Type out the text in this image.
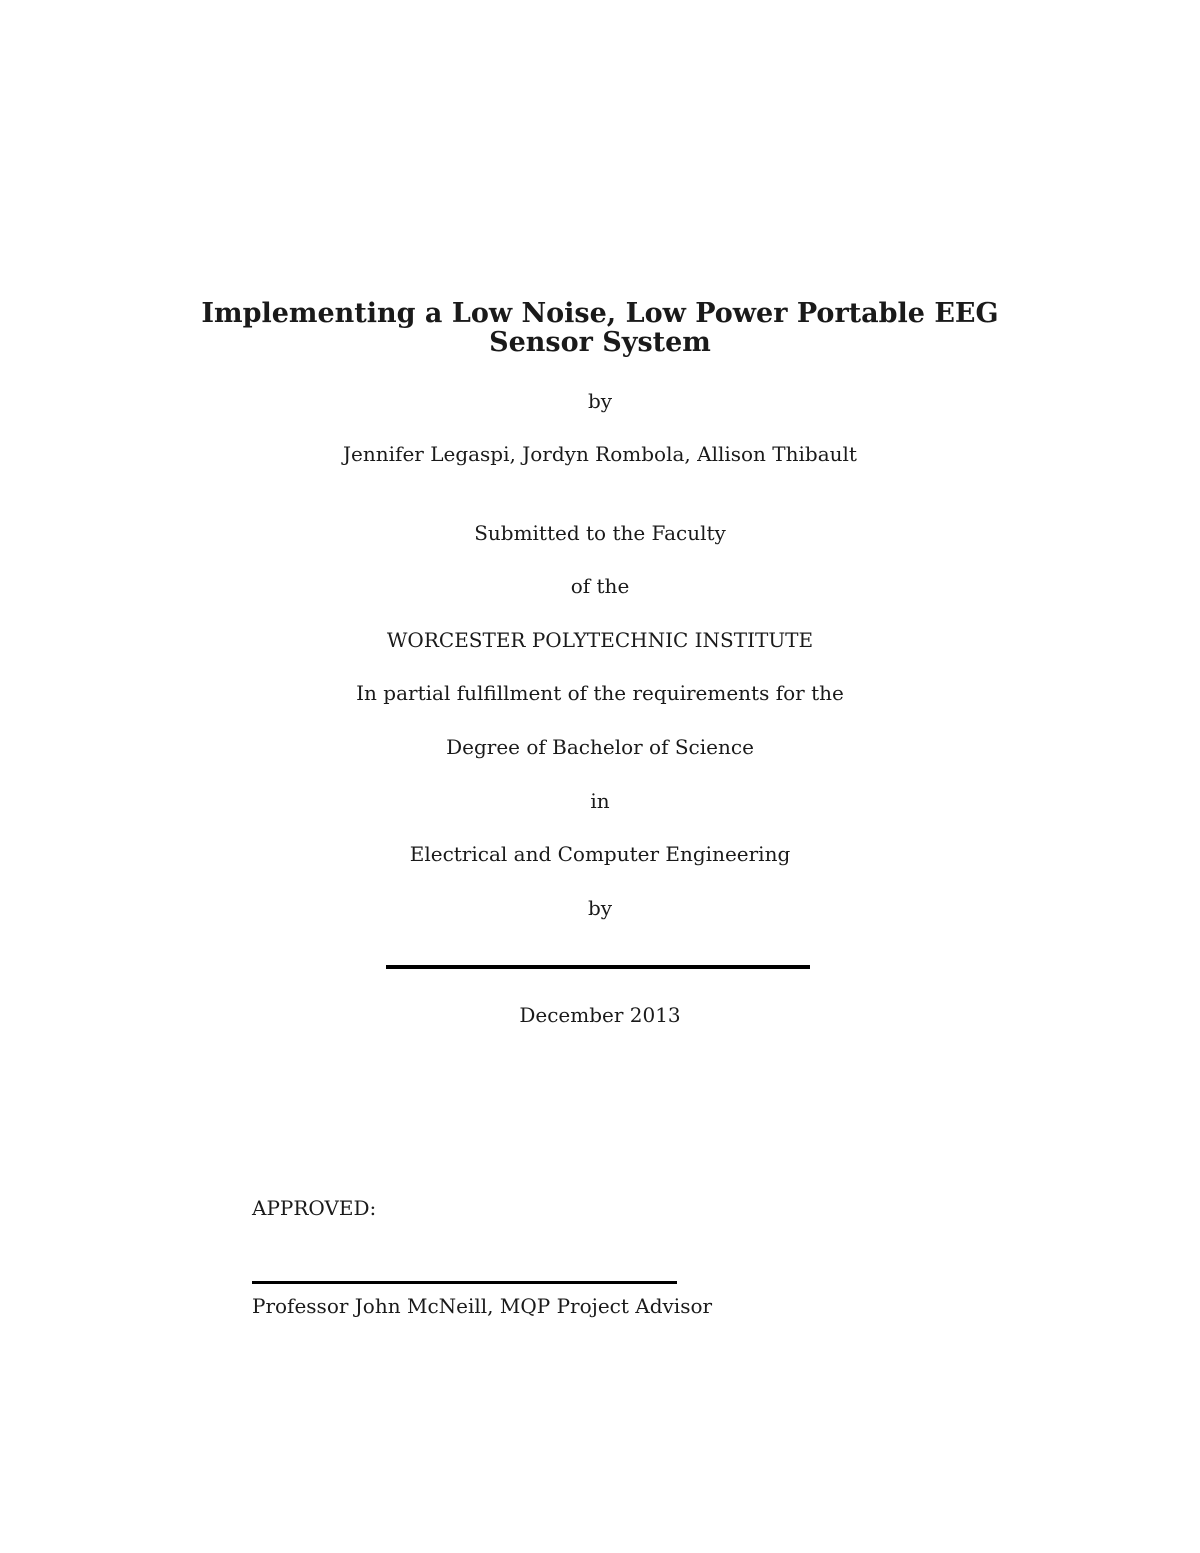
Implementing a Low Noise, Low Power Portable EEG
Sensor System
by
Jennifer Legaspi, Jordyn Rombola, Allison Thibault
Submitted to the Faculty
of the
WORCESTER POLYTECHNIC INSTITUTE
In partial fulfillment of the requirements for the
Degree of Bachelor of Science
in
Electrical and Computer Engineering
by
December 2013
APPROVED:
Professor John McNeill, MQP Project Advisor
